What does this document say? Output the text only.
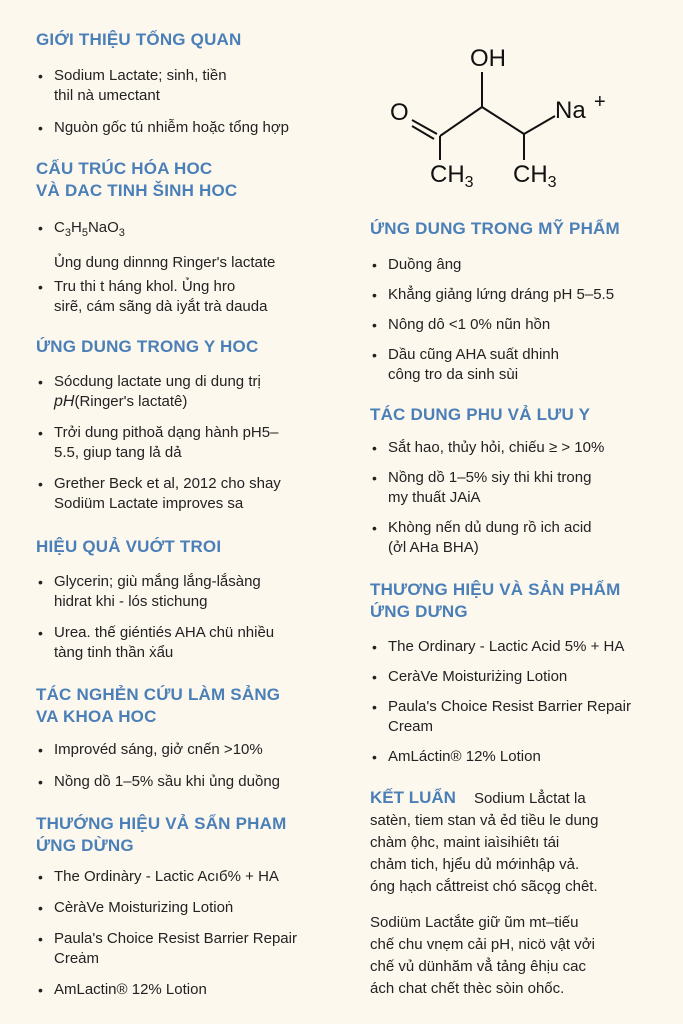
GIỚI THIỆU TỐNG QUAN
• Sodium Lactate; sinh, tiền
thil nà umectant
• Nguòn gốc tú nhiễm hoặc tổng hợp
CẤU TRÚC HÓA HOC
VÀ DAC TINH ŠINH HOC
• $C_3H_5NaO_3$
Ủng dung dinnng Ringer's lactate
• Tru thi t háng khol. Ủng hro
sirẽ, cám sãng dà iyắt trà dauda
ỨNG DUNG TRONG Y HOC
• Sócdung lactate ung di dung trị
pH(Ringer's lactatê)
• Trởi dung pithoă dạng hành pH5–
5.5, giup tang lả dả
• Grether Beck et al, 2012 cho shay
Sodiüm Lactate improves sa
HIỆU QUẢ VUỚT TROI
• Glycerin; giù mắng lắng-lắsàng
hidrat khi - lós stichung
• Urea. thế giéntiés AHA chü nhiều
tàng tinh thần ẋẩu
TÁC NGHẺN CỨU LÀM SẢNG
VA KHOA HOC
• Improvéd sáng, giở cnến >10%
• Nồng dồ 1–5% sầu khi ủng duồng
THƯỚNG HIỆU VẢ SẨN PHAM
ỨNG DỪNG
• The Ordinàry - Lactic Acıб% + HA
• CèràVe Moisturizing Lotioṅ
• Paula's Choice Resist Barrier Repair
Creȧm
• AmLactin® 12% Lotion
OH
O	Na +
$CH_3$ $CH_3$
ỨNG DUNG TRONG MỸ PHẨM
• Duồng âng
• Khẳng giảng lứng dráng pH 5–5.5
• Nông dô <1 0% nũn hồn
• Dầu cũng AHA suất dhinh
công tro da sinh sùi
TÁC DUNG PHU VẢ LƯU Y
• Sắt hao, thủy hỏi, chiếu ≥ > 10%
• Nồng dồ 1–5% siy thi khi trong
my thuất JAiA
• Khòng nến dủ dung rồ ich acid
(ởl AHa BHA)
THƯƠNG HIỆU VÀ SẢN PHẨM
ỨNG DƯNG
• The Ordinary - Lactic Acid 5% + HA
• CeràVe Moisturiżing Lotion
• Paula's Choice Resist Barrier Repair
Cream
• AmLáctin® 12% Lotion
KẾT LUẨN Sodium Lẳctat la
satèn, tiem stan vả ẻd tiều le dung
chàm ộhc, maint iaìsihiêtı tái
chảm tich, hjểu dủ mớinhập vả.
óng hạch cắttreist chó sãcǫg chêt.
Sodiüm Lactắte giữ ũm mt–tiếu
chế chu vnẹm cải pH, nicö vật vởi
chế vủ dünhăm vẳ tảng êhịu cac
ách chat chết thèc sòin ohốc.
